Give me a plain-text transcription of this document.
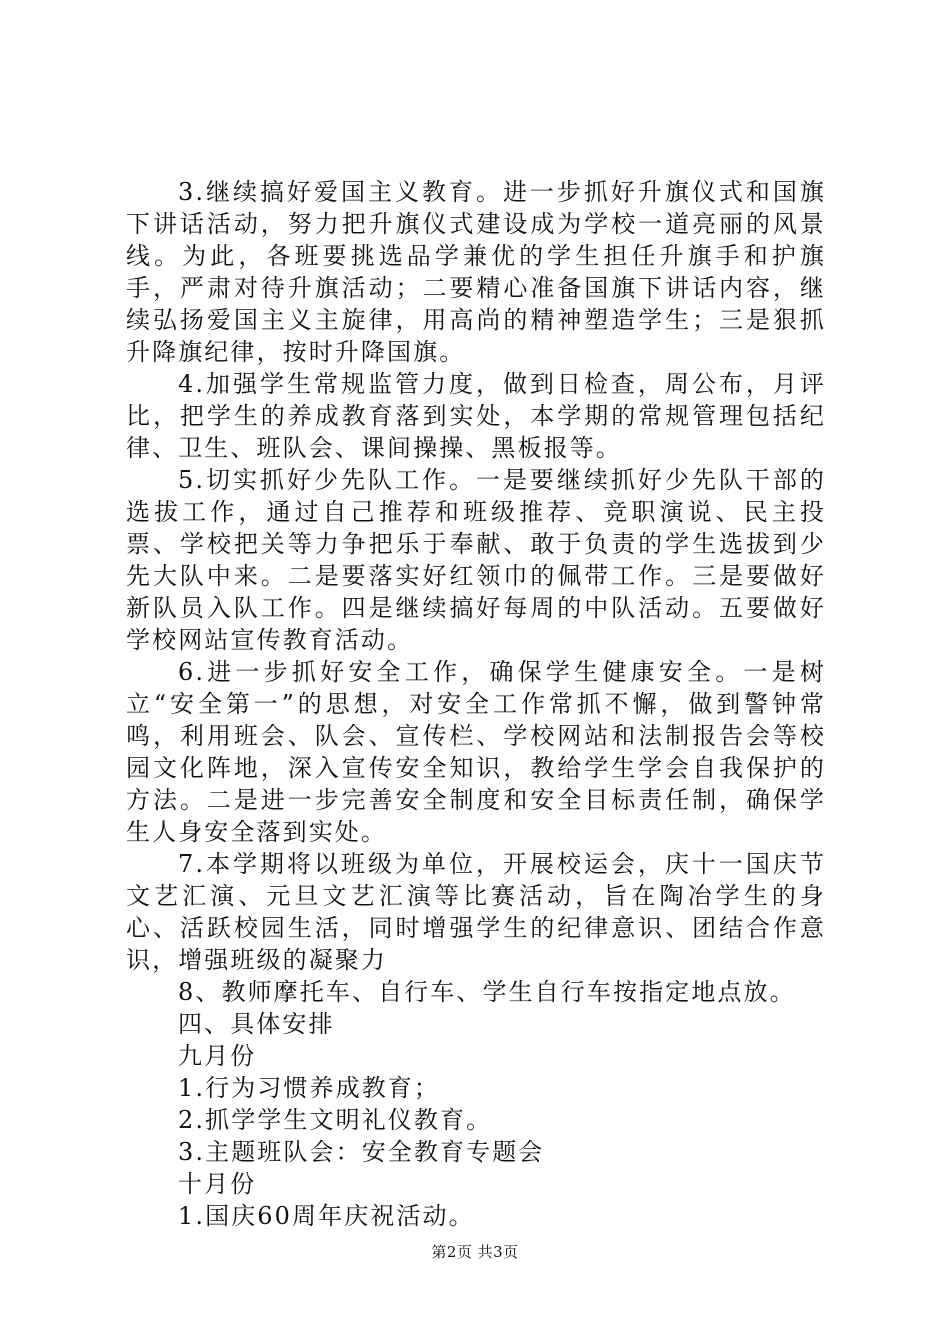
3.继续搞好爱国主义教育。进一步抓好升旗仪式和国旗下讲话活动，努力把升旗仪式建设成为学校一道亮丽的风景线。为此，各班要挑选品学兼优的学生担任升旗手和护旗手，严肃对待升旗活动；二要精心准备国旗下讲话内容，继续弘扬爱国主义主旋律，用高尚的精神塑造学生；三是狠抓升降旗纪律，按时升降国旗。

4.加强学生常规监管力度，做到日检查，周公布，月评比，把学生的养成教育落到实处，本学期的常规管理包括纪律、卫生、班队会、课间操操、黑板报等。

5.切实抓好少先队工作。一是要继续抓好少先队干部的选拔工作，通过自己推荐和班级推荐、竞职演说、民主投票、学校把关等力争把乐于奉献、敢于负责的学生选拔到少先大队中来。二是要落实好红领巾的佩带工作。三是要做好新队员入队工作。四是继续搞好每周的中队活动。五要做好学校网站宣传教育活动。

6.进一步抓好安全工作，确保学生健康安全。一是树立“安全第一”的思想，对安全工作常抓不懈，做到警钟常鸣，利用班会、队会、宣传栏、学校网站和法制报告会等校园文化阵地，深入宣传安全知识，教给学生学会自我保护的方法。二是进一步完善安全制度和安全目标责任制，确保学生人身安全落到实处。

7.本学期将以班级为单位，开展校运会，庆十一国庆节文艺汇演、元旦文艺汇演等比赛活动，旨在陶冶学生的身心、活跃校园生活，同时增强学生的纪律意识、团结合作意识，增强班级的凝聚力

8、教师摩托车、自行车、学生自行车按指定地点放。

四、具体安排

九月份

1.行为习惯养成教育；

2.抓学学生文明礼仪教育。

3.主题班队会：安全教育专题会

十月份

1.国庆60周年庆祝活动。

第2页 共3页
